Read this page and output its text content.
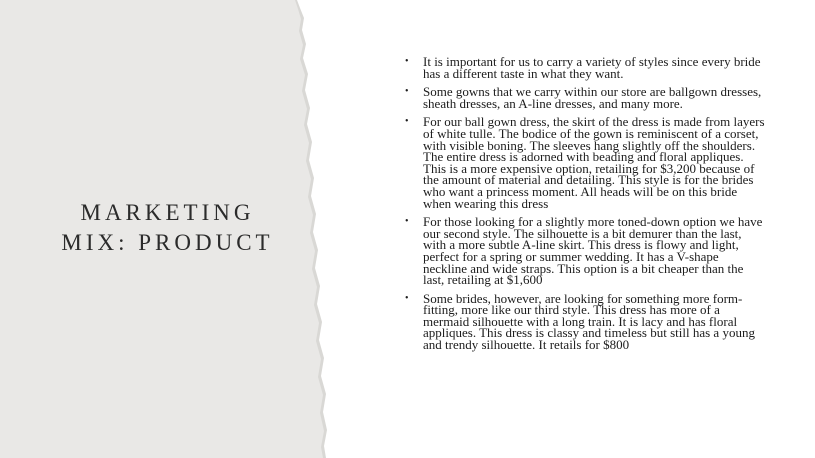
MARKETING
MIX: PRODUCT
• It is important for us to carry a variety of styles since every bride has a different taste in what they want.
• Some gowns that we carry within our store are ballgown dresses, sheath dresses, an A-line dresses, and many more.
• For our ball gown dress, the skirt of the dress is made from layers of white tulle. The bodice of the gown is reminiscent of a corset, with visible boning. The sleeves hang slightly off the shoulders. The entire dress is adorned with beading and floral appliques. This is a more expensive option, retailing for $3,200 because of the amount of material and detailing. This style is for the brides who want a princess moment. All heads will be on this bride when wearing this dress
• For those looking for a slightly more toned-down option we have our second style. The silhouette is a bit demurer than the last, with a more subtle A-line skirt. This dress is flowy and light, perfect for a spring or summer wedding. It has a V-shape neckline and wide straps. This option is a bit cheaper than the last, retailing at $1,600
• Some brides, however, are looking for something more form-fitting, more like our third style. This dress has more of a mermaid silhouette with a long train. It is lacy and has floral appliques. This dress is classy and timeless but still has a young and trendy silhouette. It retails for $800
